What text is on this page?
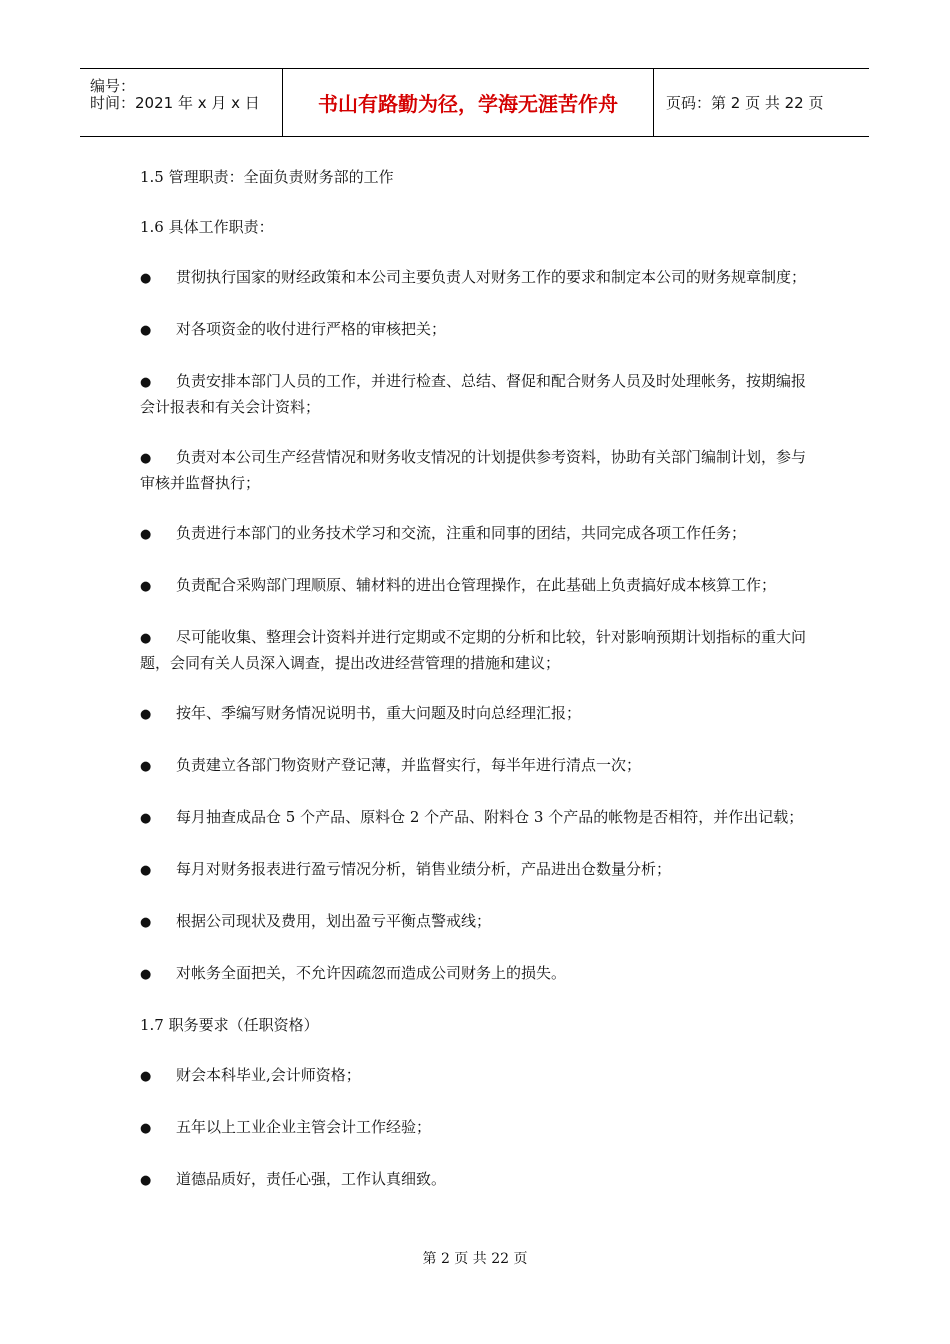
编号：
时间：2021 年 x 月 x 日	书山有路勤为径，学海无涯苦作舟	页码：第 2 页 共 22 页
1.5 管理职责：全面负责财务部的工作
1.6 具体工作职责：
● 贯彻执行国家的财经政策和本公司主要负责人对财务工作的要求和制定本公司的财务规章制度；
● 对各项资金的收付进行严格的审核把关；
● 负责安排本部门人员的工作，并进行检查、总结、督促和配合财务人员及时处理帐务，按期编报会计报表和有关会计资料；
● 负责对本公司生产经营情况和财务收支情况的计划提供参考资料，协助有关部门编制计划，参与审核并监督执行；
● 负责进行本部门的业务技术学习和交流，注重和同事的团结，共同完成各项工作任务；
● 负责配合采购部门理顺原、辅材料的进出仓管理操作，在此基础上负责搞好成本核算工作；
● 尽可能收集、整理会计资料并进行定期或不定期的分析和比较，针对影响预期计划指标的重大问题，会同有关人员深入调查，提出改进经营管理的措施和建议；
● 按年、季编写财务情况说明书，重大问题及时向总经理汇报；
● 负责建立各部门物资财产登记薄，并监督实行，每半年进行清点一次；
● 每月抽查成品仓 5 个产品、原料仓 2 个产品、附料仓 3 个产品的帐物是否相符，并作出记载；
● 每月对财务报表进行盈亏情况分析，销售业绩分析，产品进出仓数量分析；
● 根据公司现状及费用，划出盈亏平衡点警戒线；
● 对帐务全面把关，不允许因疏忽而造成公司财务上的损失。
1.7 职务要求（任职资格）
● 财会本科毕业,会计师资格；
● 五年以上工业企业主管会计工作经验；
● 道德品质好，责任心强，工作认真细致。
第 2 页 共 22 页
